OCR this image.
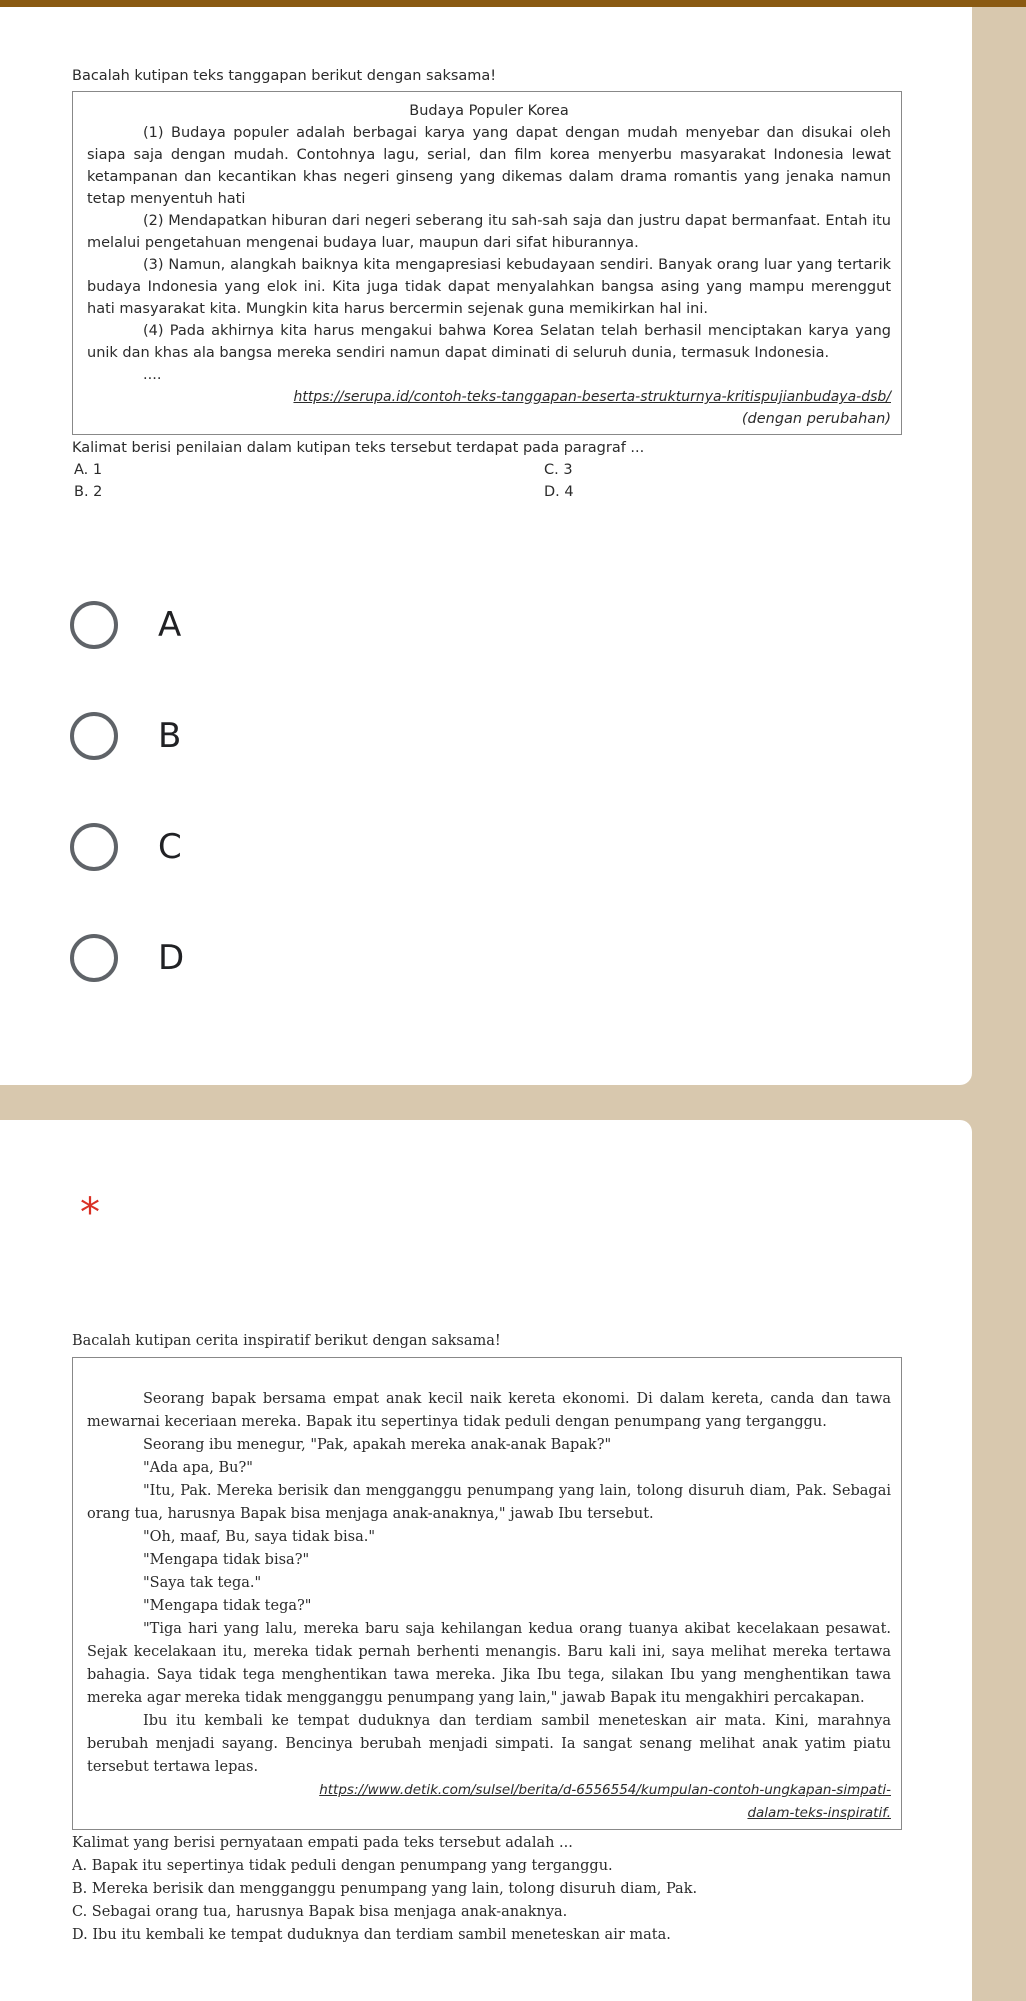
Bacalah kutipan teks tanggapan berikut dengan saksama!

Budaya Populer Korea

(1) Budaya populer adalah berbagai karya yang dapat dengan mudah menyebar dan disukai oleh siapa saja dengan mudah. Contohnya lagu, serial, dan film korea menyerbu masyarakat Indonesia lewat ketampanan dan kecantikan khas negeri ginseng yang dikemas dalam drama romantis yang jenaka namun tetap menyentuh hati

(2) Mendapatkan hiburan dari negeri seberang itu sah-sah saja dan justru dapat bermanfaat. Entah itu melalui pengetahuan mengenai budaya luar, maupun dari sifat hiburannya.

(3) Namun, alangkah baiknya kita mengapresiasi kebudayaan sendiri. Banyak orang luar yang tertarik budaya Indonesia yang elok ini. Kita juga tidak dapat menyalahkan bangsa asing yang mampu merenggut hati masyarakat kita. Mungkin kita harus bercermin sejenak guna memikirkan hal ini.

(4) Pada akhirnya kita harus mengakui bahwa Korea Selatan telah berhasil menciptakan karya yang unik dan khas ala bangsa mereka sendiri namun dapat diminati di seluruh dunia, termasuk Indonesia.

....

https://serupa.id/contoh-teks-tanggapan-beserta-strukturnya-kritispujianbudaya-dsb/

(dengan perubahan)

Kalimat berisi penilaian dalam kutipan teks tersebut terdapat pada paragraf ...

A. 1	C. 3
B. 2	D. 4
A
B
C
D
*

Bacalah kutipan cerita inspiratif berikut dengan saksama!

Seorang bapak bersama empat anak kecil naik kereta ekonomi. Di dalam kereta, canda dan tawa mewarnai keceriaan mereka. Bapak itu sepertinya tidak peduli dengan penumpang yang terganggu.

Seorang ibu menegur, "Pak, apakah mereka anak-anak Bapak?"

"Ada apa, Bu?"

"Itu, Pak. Mereka berisik dan mengganggu penumpang yang lain, tolong disuruh diam, Pak. Sebagai orang tua, harusnya Bapak bisa menjaga anak-anaknya," jawab Ibu tersebut.

"Oh, maaf, Bu, saya tidak bisa."

"Mengapa tidak bisa?"

"Saya tak tega."

"Mengapa tidak tega?"

"Tiga hari yang lalu, mereka baru saja kehilangan kedua orang tuanya akibat kecelakaan pesawat. Sejak kecelakaan itu, mereka tidak pernah berhenti menangis. Baru kali ini, saya melihat mereka tertawa bahagia. Saya tidak tega menghentikan tawa mereka. Jika Ibu tega, silakan Ibu yang menghentikan tawa mereka agar mereka tidak mengganggu penumpang yang lain," jawab Bapak itu mengakhiri percakapan.

Ibu itu kembali ke tempat duduknya dan terdiam sambil meneteskan air mata. Kini, marahnya berubah menjadi sayang. Bencinya berubah menjadi simpati. Ia sangat senang melihat anak yatim piatu tersebut tertawa lepas.

https://www.detik.com/sulsel/berita/d-6556554/kumpulan-contoh-ungkapan-simpati-

dalam-teks-inspiratif.

Kalimat yang berisi pernyataan empati pada teks tersebut adalah ...

A. Bapak itu sepertinya tidak peduli dengan penumpang yang terganggu.

B. Mereka berisik dan mengganggu penumpang yang lain, tolong disuruh diam, Pak.

C. Sebagai orang tua, harusnya Bapak bisa menjaga anak-anaknya.

D. Ibu itu kembali ke tempat duduknya dan terdiam sambil meneteskan air mata.
